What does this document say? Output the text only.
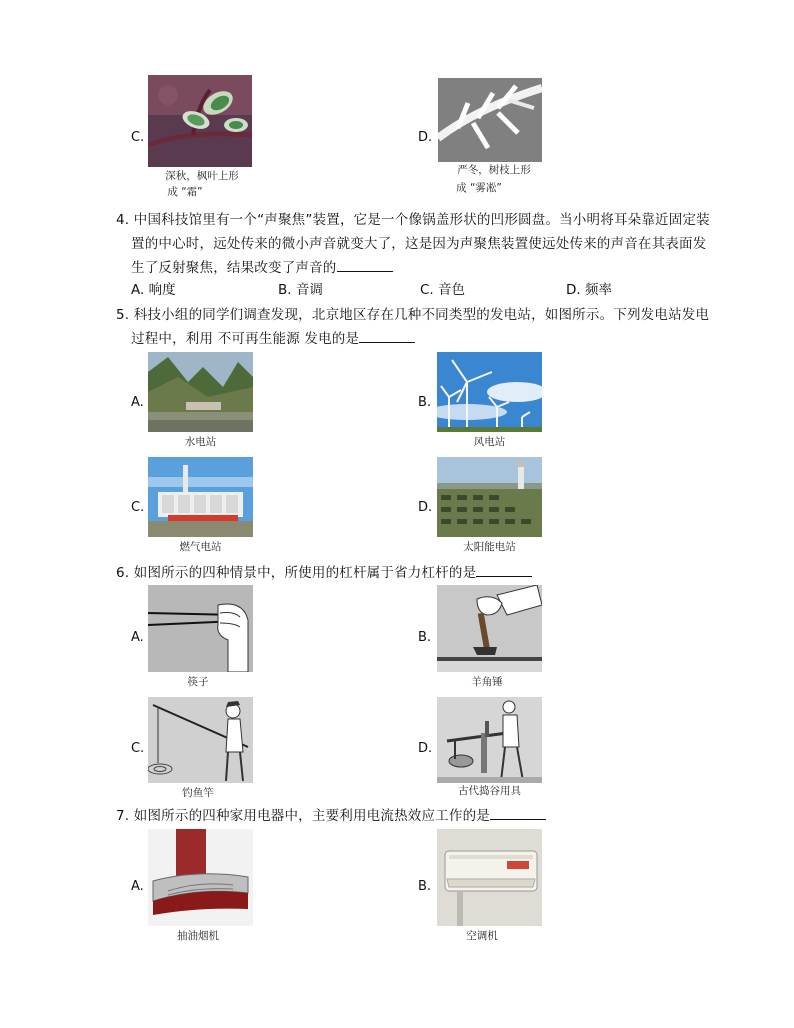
C.
深秋，枫叶上形
成 “霜”
D.
严冬，树枝上形
成 “雾凇”
4. 中国科技馆里有一个“声聚焦”装置，它是一个像锅盖形状的凹形圆盘。当小明将耳朵靠近固定装
置的中心时，远处传来的微小声音就变大了，这是因为声聚焦装置使远处传来的声音在其表面发
生了反射聚焦，结果改变了声音的
A. 响度	B. 音调	C. 音色	D. 频率
5. 科技小组的同学们调查发现，北京地区存在几种不同类型的发电站，如图所示。下列发电站发电
过程中，利用 不可再生能源 发电的是
A.
水电站
B.
风电站
C.
燃气电站
D.
太阳能电站
6. 如图所示的四种情景中，所使用的杠杆属于省力杠杆的是
A.
筷子
B.
羊角锤
C.
钓鱼竿
D.
古代捣谷用具
7. 如图所示的四种家用电器中，主要利用电流热效应工作的是
A.
抽油烟机
B.
空调机
